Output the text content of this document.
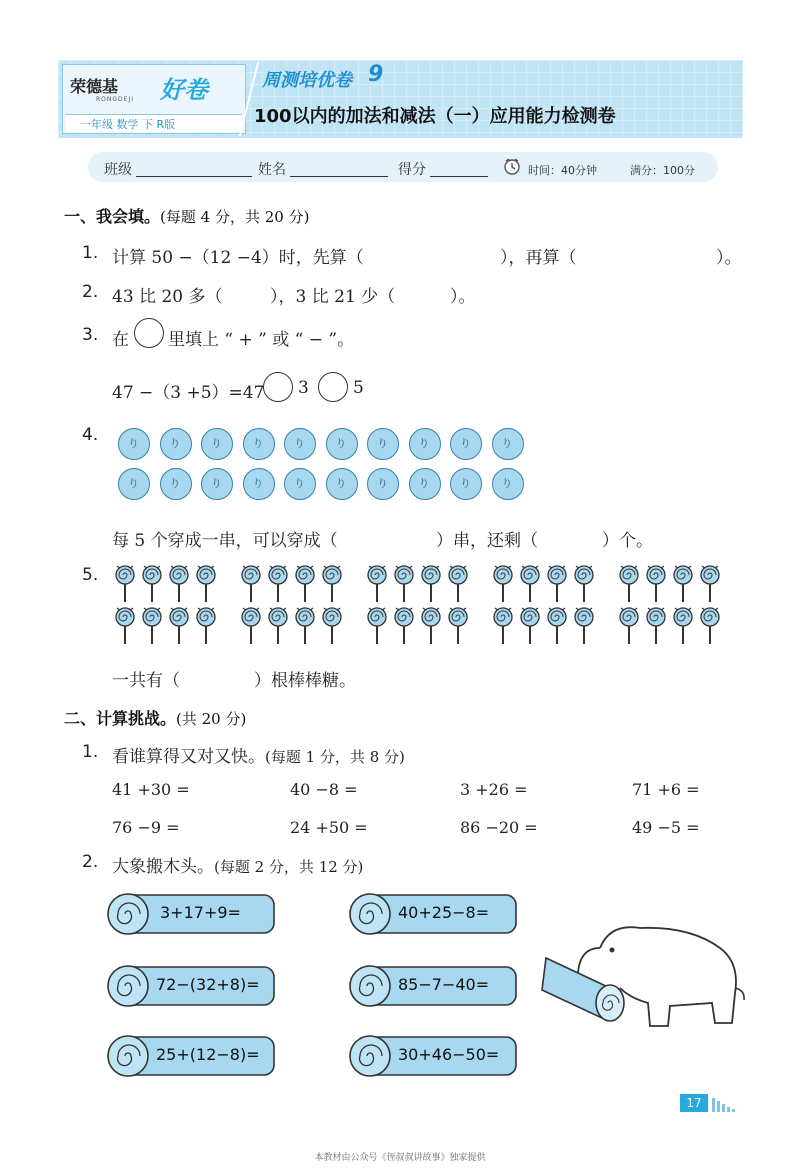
荣德基
RONGDEJI 好卷
一年级 数学 下 R版
周测培优卷 9
100以内的加法和减法（一）应用能力检测卷
班级	姓名	得分	时间：40分钟	满分：100分
一、我会填。(每题 4 分，共 20 分)
1. 计算 50 −（12 −4）时，先算（	），再算（	）。
2. 43 比 20 多（	），3 比 21 少（	）。
3. 在 里填上 “ + ” 或 “ − ”。
47 −（3 +5）=47 3	5
4.
り
り
り
り
り
り
り
り
り
り
り
り
り
り
り
り
り
り
り
り
每 5 个穿成一串，可以穿成（	）串，还剩（	）个。
5.
一共有（	）根棒棒糖。
二、计算挑战。(共 20 分)
1. 看谁算得又对又快。(每题 1 分，共 8 分)
41 +30 =	40 −8 =	3 +26 =	71 +6 =
76 −9 =	24 +50 =	86 −20 =	49 −5 =
2. 大象搬木头。(每题 2 分，共 12 分)
3+17+9=	40+25−8=
72−(32+8)=	85−7−40=
25+(12−8)=	30+46−50=
17
本教材由公众号《侄叔叔讲故事》独家提供
